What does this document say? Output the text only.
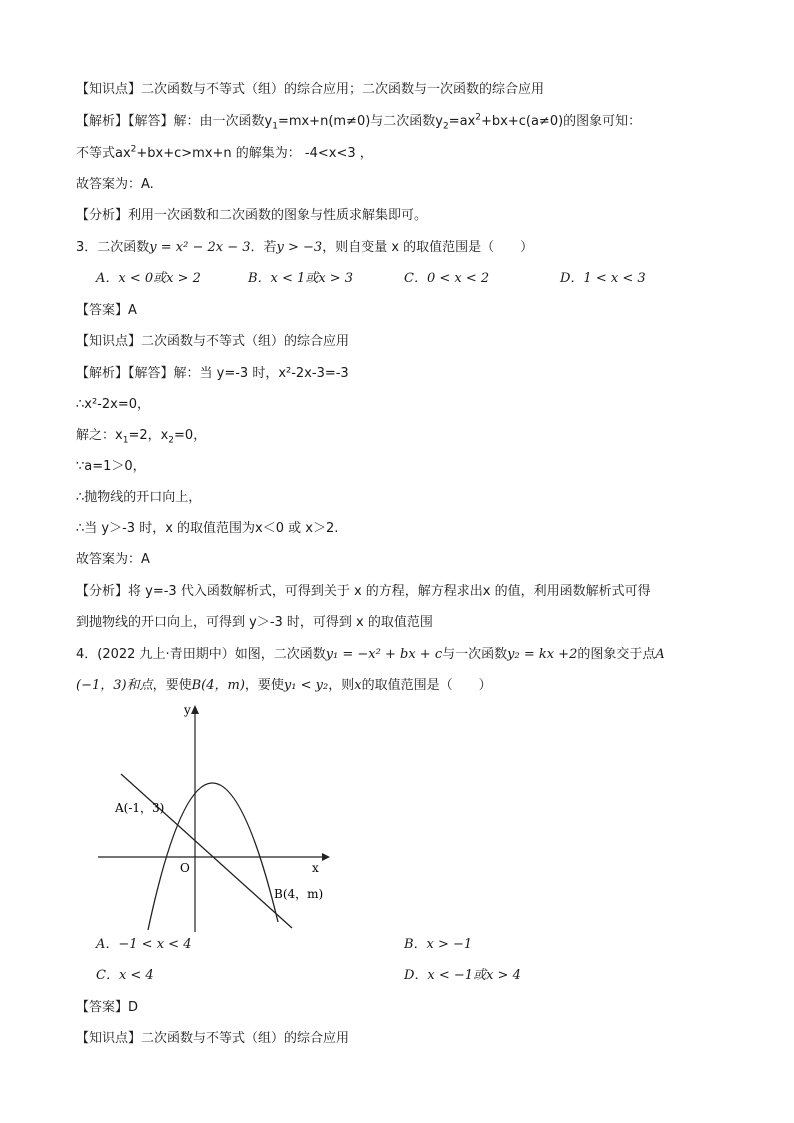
【知识点】二次函数与不等式（组）的综合应用；二次函数与一次函数的综合应用
【解析】【解答】解：由一次函数$y_1=mx+n(m\ne 0)$与二次函数$y_2=ax^2+bx+c(a\ne 0)$的图象可知：
不等式$ax^2+bx+c>mx+n$ 的解集为： -4<x<3 ，
故答案为：A.
【分析】利用一次函数和二次函数的图象与性质求解集即可。
3．二次函数y = x² − 2x − 3．若y > −3，则自变量 x 的取值范围是（　　）
A．x < 0或x > 2	B．x < 1或x > 3	C．0 < x < 2	D．1 < x < 3
【答案】A
【知识点】二次函数与不等式（组）的综合应用
【解析】【解答】解：当 y=-3 时，x²-2x-3=-3
∴x²-2x=0，
解之：$x_1=2$，$x_2=0$，
∵a=1＞0，
∴抛物线的开口向上，
∴当 y＞-3 时，x 的取值范围为x＜0 或 x＞2.
故答案为：A
【分析】将 y=-3 代入函数解析式，可得到关于 x 的方程，解方程求出x 的值，利用函数解析式可得
到抛物线的开口向上，可得到 y＞-3 时，可得到 x 的取值范围
4．(2022 九上·青田期中）如图，二次函数y₁ = −x² + bx + c与一次函数y₂ = kx +2的图象交于点A
(−1，3)和点，要使B(4，m)，要使y₁ < y₂，则x的取值范围是（　　）
y
x
O
A(-1，3)
B(4，m)
A．−1 < x < 4	B．x > −1
C．x < 4	D．x < −1或x > 4
【答案】D
【知识点】二次函数与不等式（组）的综合应用
